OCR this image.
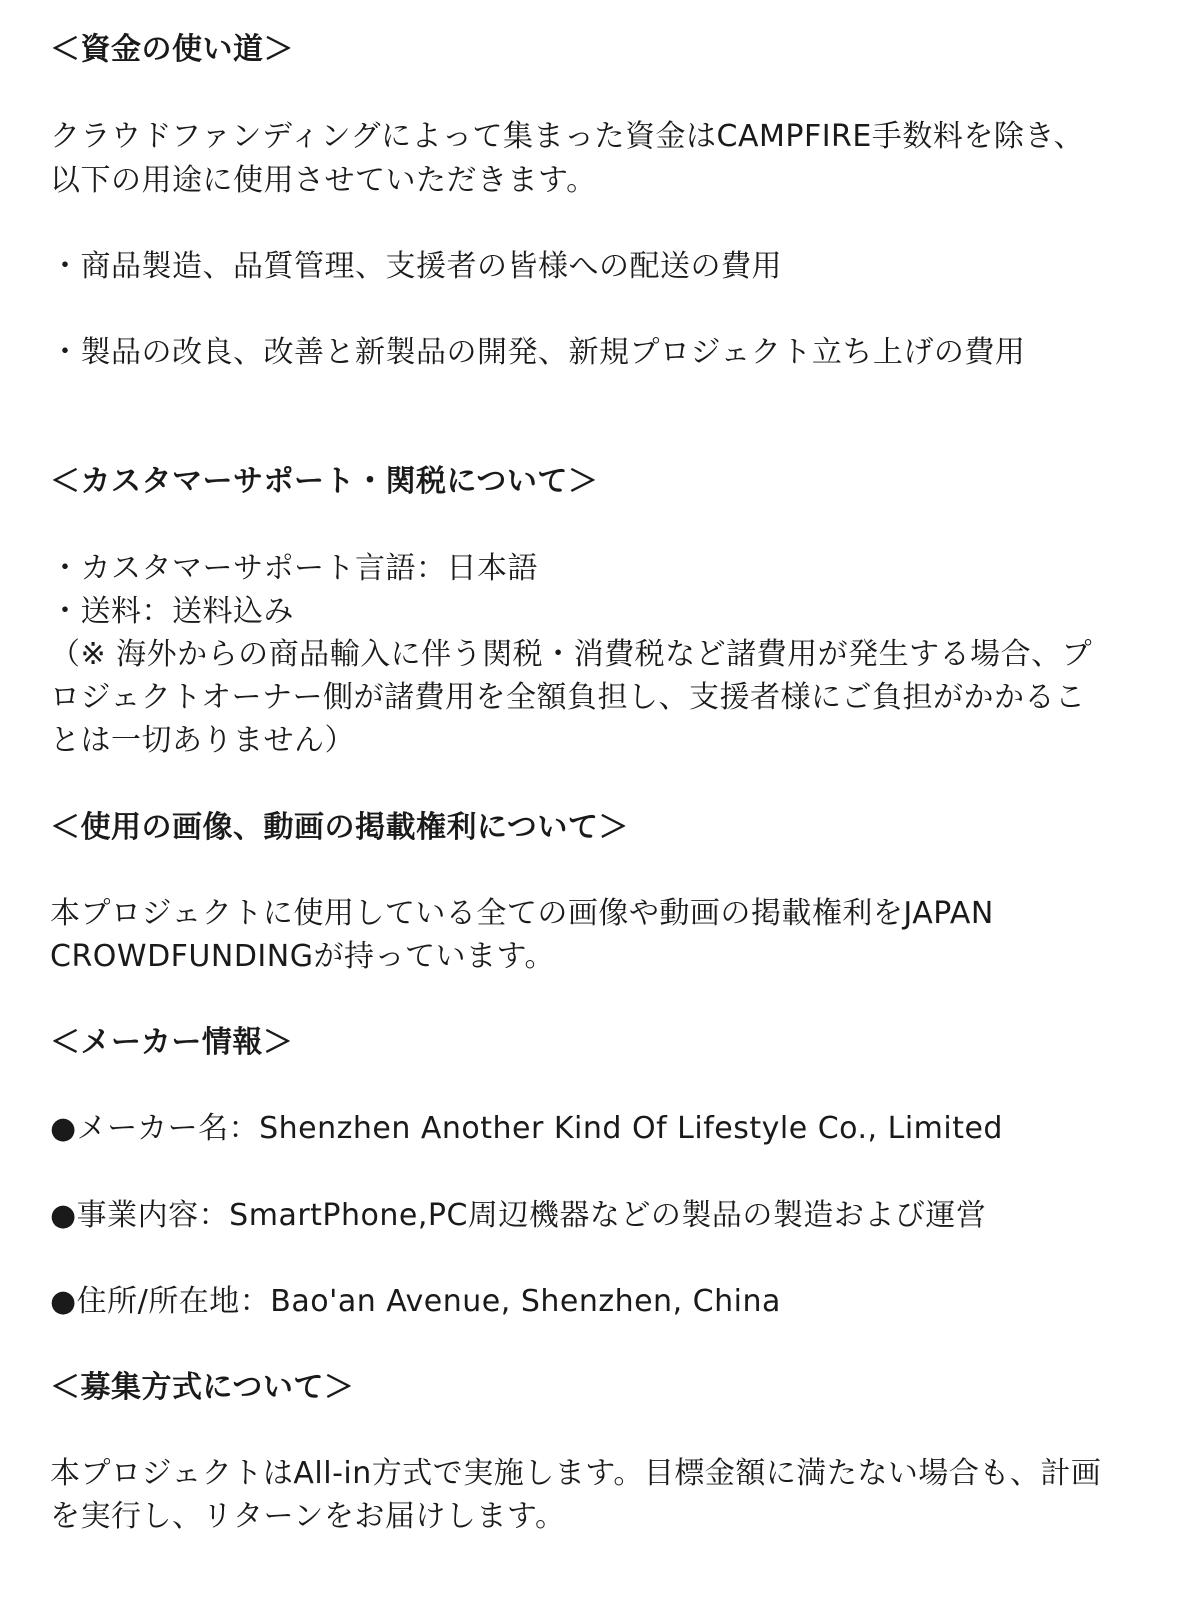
＜資金の使い道＞
クラウドファンディングによって集まった資金はCAMPFIRE手数料を除き、
以下の用途に使用させていただきます。
・商品製造、品質管理、支援者の皆様への配送の費用
・製品の改良、改善と新製品の開発、新規プロジェクト立ち上げの費用
＜カスタマーサポート・関税について＞
・カスタマーサポート言語：日本語
・送料：送料込み
（※ 海外からの商品輸入に伴う関税・消費税など諸費用が発生する場合、プ
ロジェクトオーナー側が諸費用を全額負担し、支援者様にご負担がかかるこ
とは一切ありません）
＜使用の画像、動画の掲載権利について＞
本プロジェクトに使用している全ての画像や動画の掲載権利をJAPAN
CROWDFUNDINGが持っています。
＜メーカー情報＞
●メーカー名：Shenzhen Another Kind Of Lifestyle Co., Limited
●事業内容：SmartPhone,PC周辺機器などの製品の製造および運営
●住所/所在地：Bao'an Avenue, Shenzhen, China
＜募集方式について＞
本プロジェクトはAll-in方式で実施します。目標金額に満たない場合も、計画
を実行し、リターンをお届けします。
